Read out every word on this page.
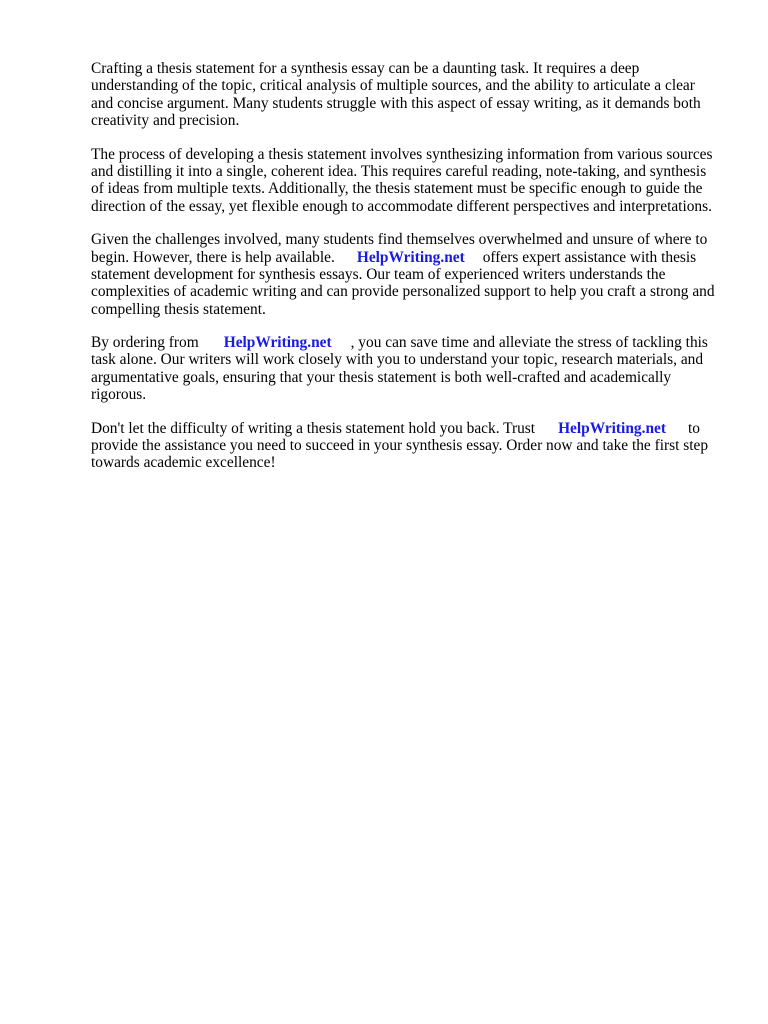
Crafting a thesis statement for a synthesis essay can be a daunting task. It requires a deep
understanding of the topic, critical analysis of multiple sources, and the ability to articulate a clear
and concise argument. Many students struggle with this aspect of essay writing, as it demands both
creativity and precision.
The process of developing a thesis statement involves synthesizing information from various sources
and distilling it into a single, coherent idea. This requires careful reading, note-taking, and synthesis
of ideas from multiple texts. Additionally, the thesis statement must be specific enough to guide the
direction of the essay, yet flexible enough to accommodate different perspectives and interpretations.
Given the challenges involved, many students find themselves overwhelmed and unsure of where to
begin. However, there is help available. HelpWriting.net offers expert assistance with thesis
statement development for synthesis essays. Our team of experienced writers understands the
complexities of academic writing and can provide personalized support to help you craft a strong and
compelling thesis statement.
By ordering from HelpWriting.net , you can save time and alleviate the stress of tackling this
task alone. Our writers will work closely with you to understand your topic, research materials, and
argumentative goals, ensuring that your thesis statement is both well-crafted and academically
rigorous.
Don't let the difficulty of writing a thesis statement hold you back. Trust HelpWriting.net to
provide the assistance you need to succeed in your synthesis essay. Order now and take the first step
towards academic excellence!
